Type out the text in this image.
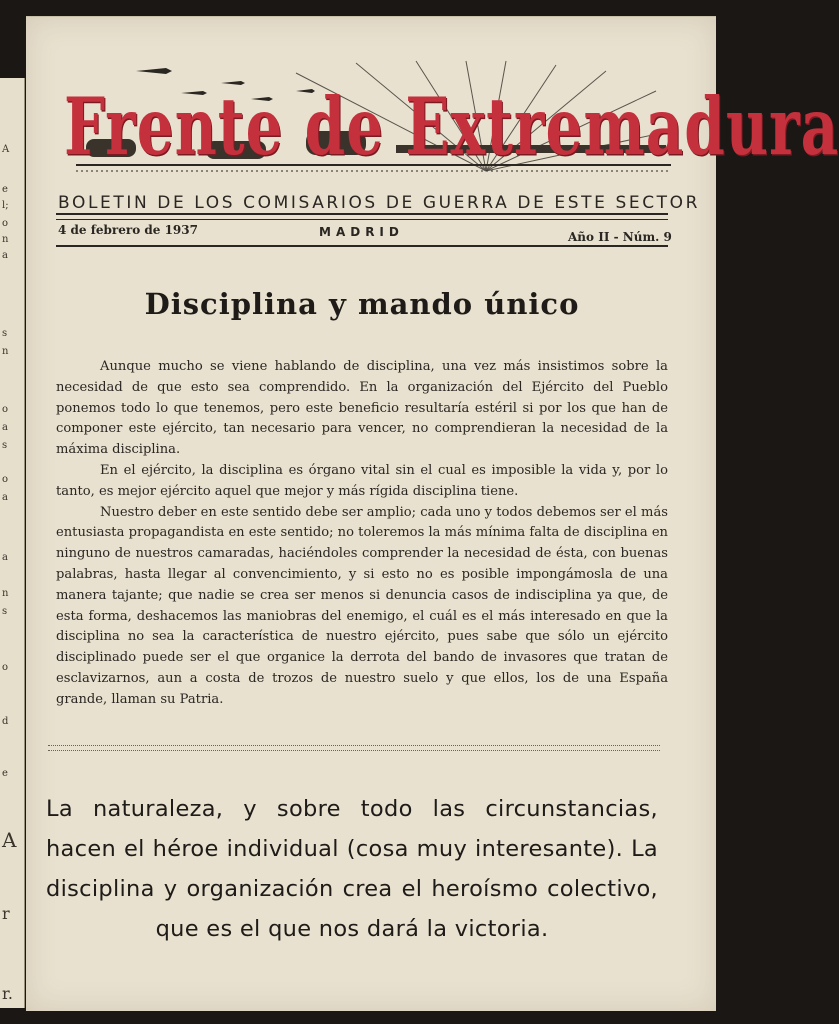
A
e
l;
o
n
a
s
n
o
a
s
o
a
a
n
s
o
d
e
A
r
r.
Frente de Extremadura
BOLETIN DE LOS COMISARIOS DE GUERRA DE ESTE SECTOR
4 de febrero de 1937	MADRID	Año II - Núm. 9
Disciplina y mando único

Aunque mucho se viene hablando de disciplina, una vez más insistimos sobre la necesidad de que esto sea comprendido. En la organización del Ejército del Pueblo ponemos todo lo que tenemos, pero este beneficio resultaría estéril si por los que han de componer este ejército, tan necesario para vencer, no comprendieran la necesidad de la máxima disciplina.

En el ejército, la disciplina es órgano vital sin el cual es imposible la vida y, por lo tanto, es mejor ejército aquel que mejor y más rígida disciplina tiene.

Nuestro deber en este sentido debe ser amplio; cada uno y todos debemos ser el más entusiasta propagandista en este sentido; no toleremos la más mínima falta de disciplina en ninguno de nuestros camaradas, haciéndoles comprender la necesidad de ésta, con buenas palabras, hasta llegar al convencimiento, y si esto no es posible impongámosla de una manera tajante; que nadie se crea ser menos si denuncia casos de indisciplina ya que, de esta forma, deshacemos las maniobras del enemigo, el cuál es el más interesado en que la disciplina no sea la característica de nuestro ejército, pues sabe que sólo un ejército disciplinado puede ser el que organice la derrota del bando de invasores que tratan de esclavizarnos, aun a costa de trozos de nuestro suelo y que ellos, los de una España grande, llaman su Patria.

La naturaleza, y sobre todo las circunstancias, hacen el héroe individual (cosa muy interesante). La disciplina y organización crea el heroísmo colectivo, que es el que nos dará la victoria.
